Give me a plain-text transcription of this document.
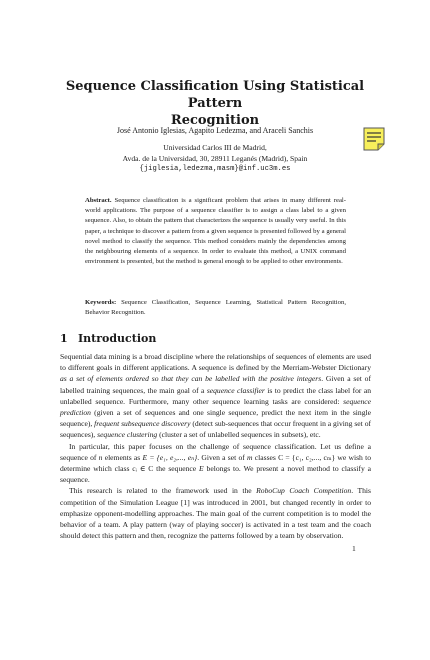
Sequence Classification Using Statistical Pattern
Recognition
José Antonio Iglesias, Agapito Ledezma, and Araceli Sanchis
Universidad Carlos III de Madrid,
Avda. de la Universidad, 30, 28911 Leganés (Madrid), Spain
{jiglesia,ledezma,masm}@inf.uc3m.es
Abstract. Sequence classification is a significant problem that arises in many different real-world applications. The purpose of a sequence classifier is to assign a class label to a given sequence. Also, to obtain the pattern that characterizes the sequence is usually very useful. In this paper, a technique to discover a pattern from a given sequence is presented followed by a general novel method to classify the sequence. This method considers mainly the dependencies among the neighbouring elements of a sequence. In order to evaluate this method, a UNIX command environment is presented, but the method is general enough to be applied to other environments.
Keywords: Sequence Classification, Sequence Learning, Statistical Pattern Recognition, Behavior Recognition.
1 Introduction

Sequential data mining is a broad discipline where the relationships of sequences of elements are used to different goals in different applications. A sequence is defined by the Merriam-Webster Dictionary as a set of elements ordered so that they can be labelled with the positive integers. Given a set of labelled training sequences, the main goal of a sequence classifier is to predict the class label for an unlabelled sequence. Furthermore, many other sequence learning tasks are considered: sequence prediction (given a set of sequences and one single sequence, predict the next item in the single sequence), frequent subsequence discovery (detect sub-sequences that occur frequent in a giving set of sequences), sequence clustering (cluster a set of unlabelled sequences in subsets), etc.

In particular, this paper focuses on the challenge of sequence classification. Let us define a sequence of n elements as E = {e₁, e₂,..., eₙ}. Given a set of m classes C = {c₁, c₂,..., cₘ} we wish to determine which class cᵢ ∈ C the sequence E belongs to. We present a novel method to classify a sequence.

This research is related to the framework used in the RoboCup Coach Competition. This competition of the Simulation League [1] was introduced in 2001, but changed recently in order to emphasize opponent-modelling approaches. The main goal of the current competition is to model the behavior of a team. A play pattern (way of playing soccer) is activated in a test team and the coach should detect this pattern and then, recognize the patterns followed by a team by observation.

1
